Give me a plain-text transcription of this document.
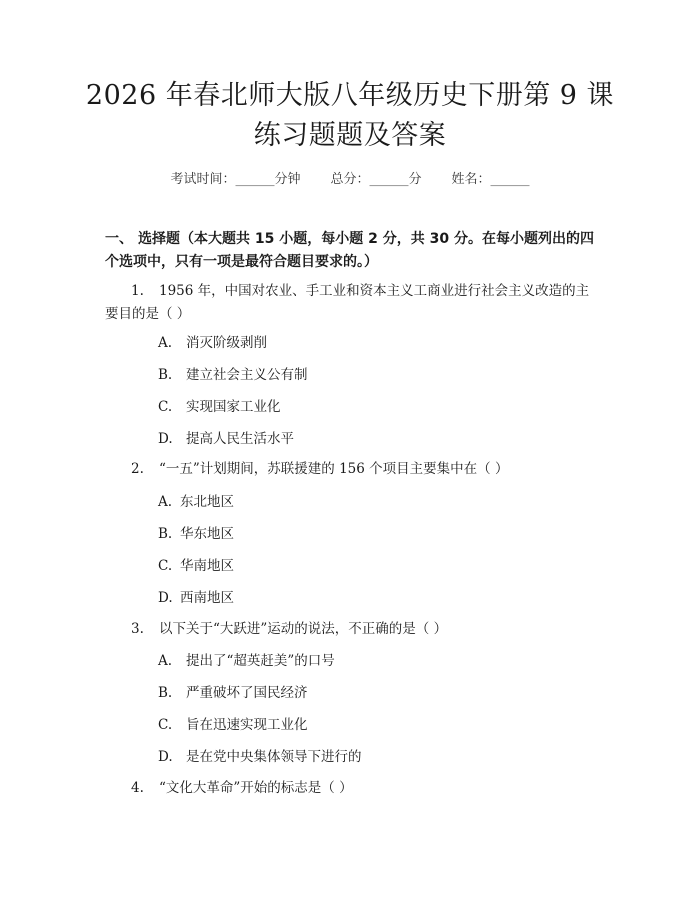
2026 年春北师大版八年级历史下册第 9 课练习题题及答案
考试时间：______分钟 总分：______分 姓名：______
一、 选择题（本大题共 15 小题，每小题 2 分，共 30 分。在每小题列出的四个选项中，只有一项是最符合题目要求的。）
1. 1956 年，中国对农业、手工业和资本主义工商业进行社会主义改造的主要目的是（ ）
A. 消灭阶级剥削
B. 建立社会主义公有制
C. 实现国家工业化
D. 提高人民生活水平
2. “一五”计划期间，苏联援建的 156 个项目主要集中在（ ）
A. 东北地区
B. 华东地区
C. 华南地区
D. 西南地区
3. 以下关于“大跃进”运动的说法，不正确的是（ ）
A. 提出了“超英赶美”的口号
B. 严重破坏了国民经济
C. 旨在迅速实现工业化
D. 是在党中央集体领导下进行的
4. “文化大革命”开始的标志是（ ）
